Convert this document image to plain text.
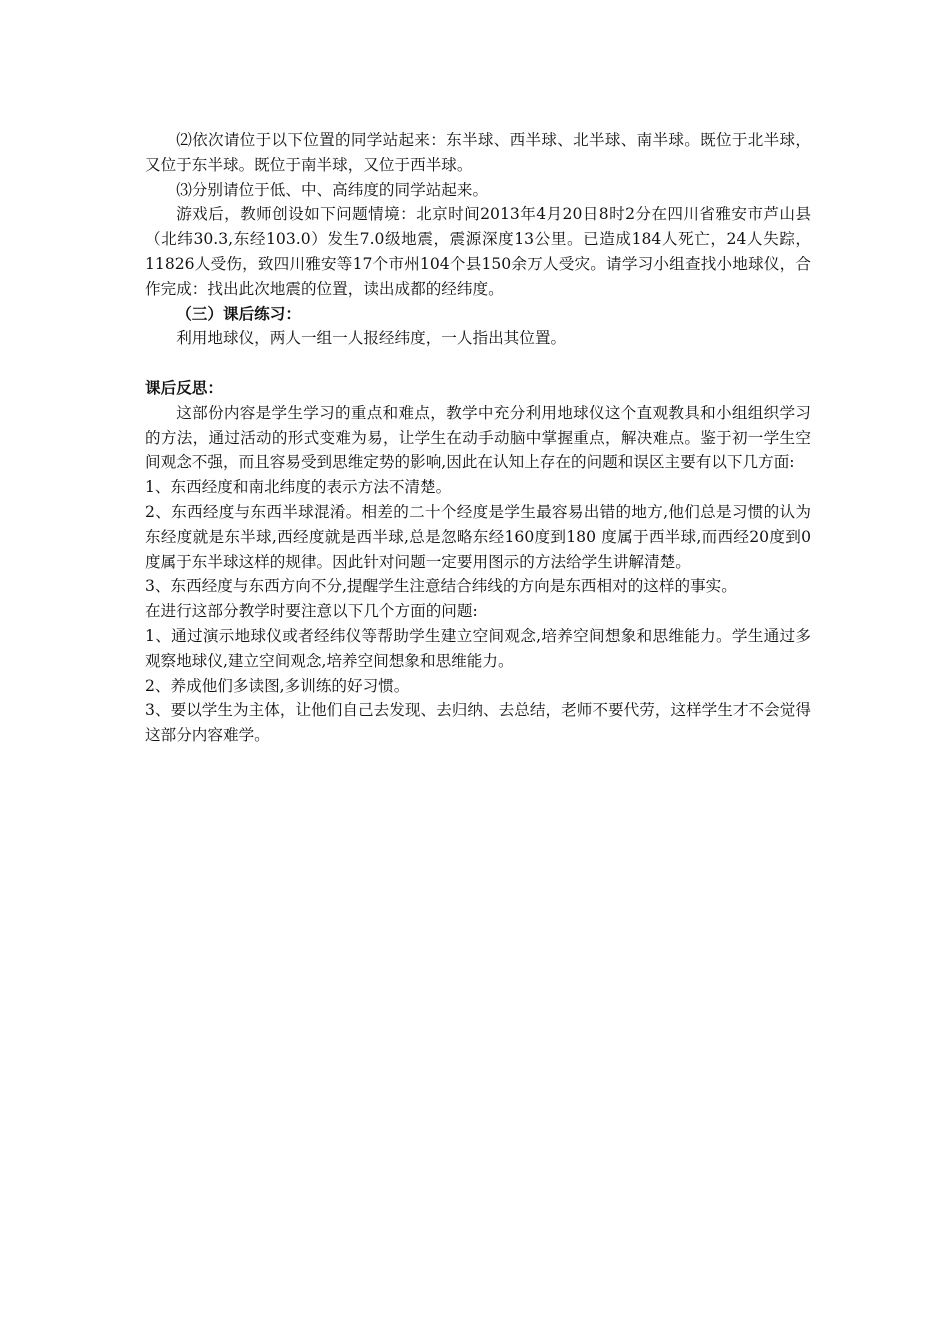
⑵依次请位于以下位置的同学站起来：东半球、西半球、北半球、南半球。既位于北半球，又位于东半球。既位于南半球，又位于西半球。

⑶分别请位于低、中、高纬度的同学站起来。

游戏后，教师创设如下问题情境：北京时间2013年4月20日8时2分在四川省雅安市芦山县（北纬30.3,东经103.0）发生7.0级地震，震源深度13公里。已造成184人死亡，24人失踪，11826人受伤，致四川雅安等17个市州104个县150余万人受灾。请学习小组查找小地球仪，合作完成：找出此次地震的位置，读出成都的经纬度。

（三）课后练习：

利用地球仪，两人一组一人报经纬度，一人指出其位置。

课后反思：

这部份内容是学生学习的重点和难点，教学中充分利用地球仪这个直观教具和小组组织学习的方法，通过活动的形式变难为易，让学生在动手动脑中掌握重点，解决难点。鉴于初一学生空间观念不强，而且容易受到思维定势的影响,因此在认知上存在的问题和误区主要有以下几方面:

1、东西经度和南北纬度的表示方法不清楚。

2、东西经度与东西半球混淆。相差的二十个经度是学生最容易出错的地方,他们总是习惯的认为东经度就是东半球,西经度就是西半球,总是忽略东经160度到180 度属于西半球,而西经20度到0度属于东半球这样的规律。因此针对问题一定要用图示的方法给学生讲解清楚。

3、东西经度与东西方向不分,提醒学生注意结合纬线的方向是东西相对的这样的事实。

在进行这部分教学时要注意以下几个方面的问题:

1、通过演示地球仪或者经纬仪等帮助学生建立空间观念,培养空间想象和思维能力。学生通过多观察地球仪,建立空间观念,培养空间想象和思维能力。

2、养成他们多读图,多训练的好习惯。

3、要以学生为主体，让他们自己去发现、去归纳、去总结，老师不要代劳，这样学生才不会觉得这部分内容难学。
